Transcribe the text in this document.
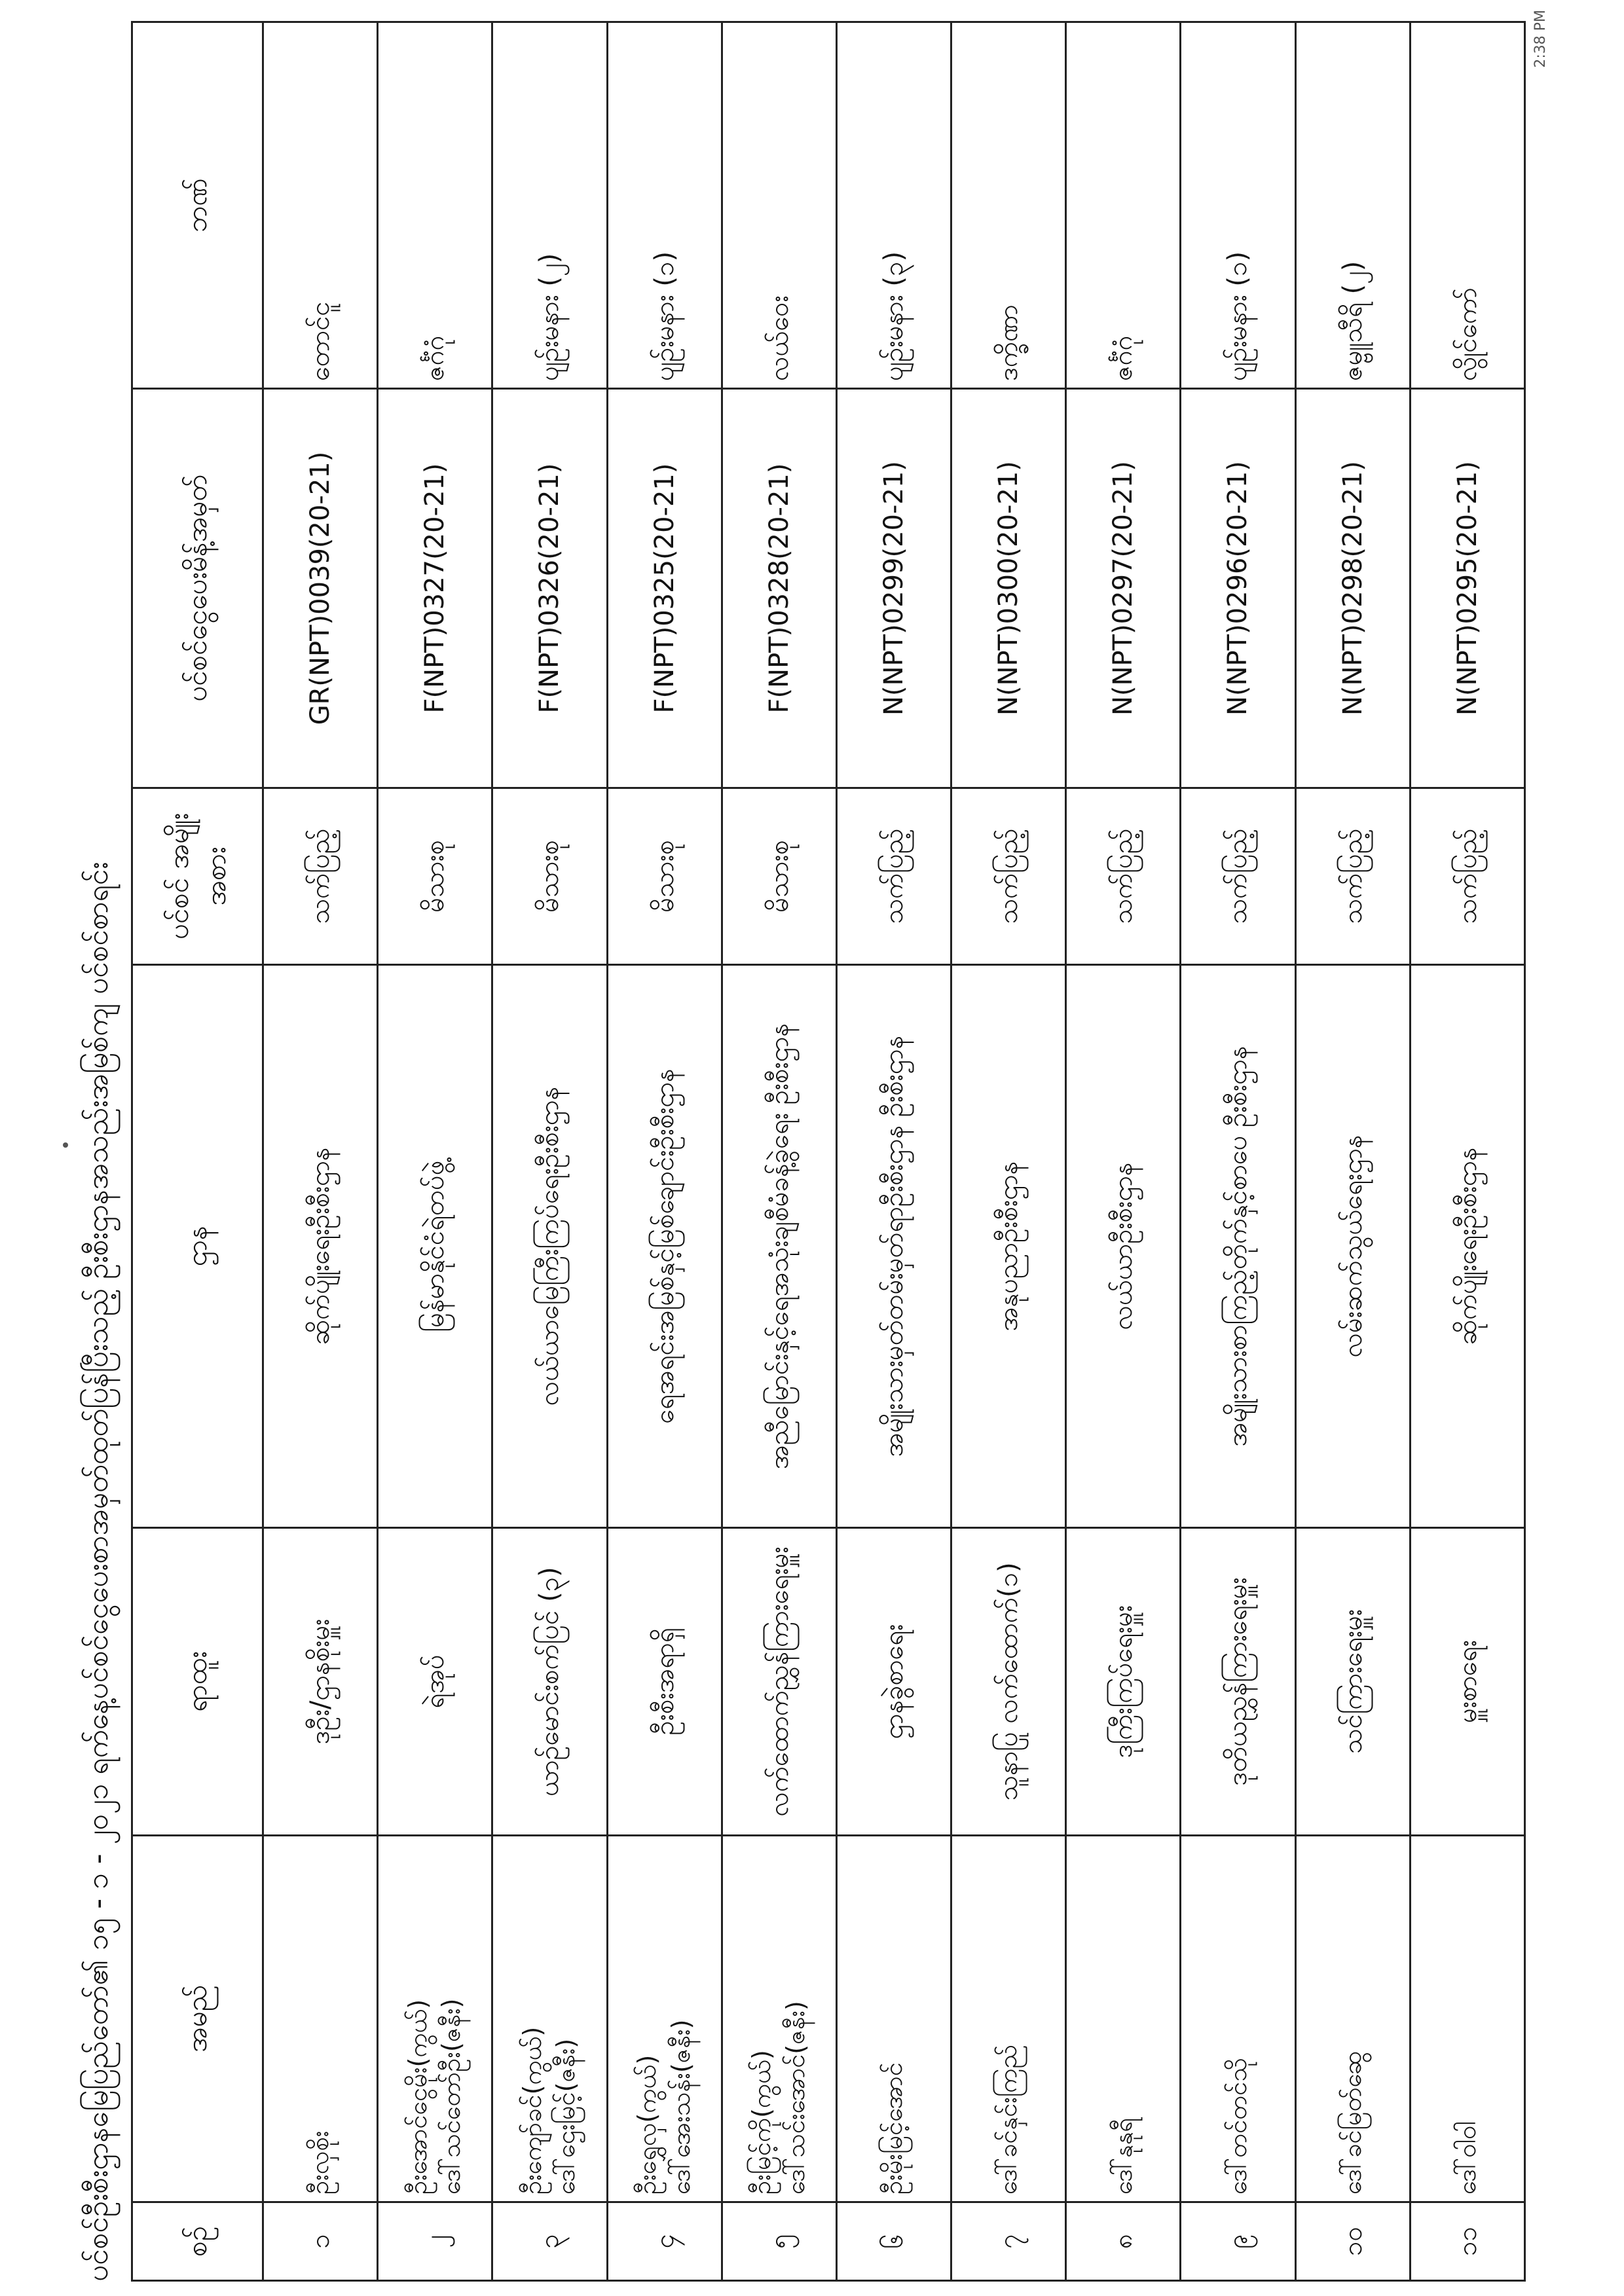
ပင်စင်ဦးစီးဌာနမြေပြည်တော်၏ ၁၅ - ၁ - ၂၀၂၁ ရက်နေ့ပင်စင်ငွေပေးစာအမှတ်ထုတ်ပြန်ပြီးသည့် ဦးစီးဌာနအသည်းအမြစ်ကျ ပင်စင်စာရင်း	စဉ်	အမည်	ရာထူး	ဌာန	ပင်စင် အမျိုးအစား	ပင်စင်ငွေပေးမိန့်အမှတ်	ဘဏ်
၁	ဦးလှစိုး	ဒုဦး/ဌာနစိုးမှူး	ဆိုက်ပျိုးရေးဦးစီးဌာန	သက်ပြည့်	GR(NPT)0039(20-21)	တောင်ငူ
၂	ဦးအောင်ငွေမိုး(ကွယ်) ဒေါ်သင်တော်ဦး(ဇနီး)	ရဲအုပ်	မြန်မာနိုင်ငံရဲတပ်ဖွဲ့	မိသားစု	F(NPT)0327(20-21)	ဇင်္ဂံဂုံ
၃	ဦးကျော်ခင်(ကွယ်) ဒေါ်ဌေးမြင့်(ဇနီး)	ယာဉ်မောင်းစက်ပြင် (၃)	လယ်ယာမြေကြီးကြပ်ရေးဦးစီးဌာန	မိသားစု	F(NPT)0326(20-21)	ပျဉ်းမနား (၂)
၄	ဦးရွှေလှ(ကွယ်) ဒေါ်အေးသန်း(ဇနီး)	ဦးစီးအရာရှိ	ရေအရင်းအမြစ်နှင့်မြစ်ချောင်းဦးစီးဌာန	မိသားစု	F(NPT)0325(20-21)	ပျဉ်းမနား (၁)
၅	ဦးမြင့်ကို(ကွယ်) ဒေါ်သင်းအောင်(ဇနီး)	လက်ထောက်ညွှန်ကြားရေးမှူး	အညီမြောင်းနှင့်ရေအသုံးချစီမံခန့်ခွဲရေး ဦးစီးဌာန	မိသားစု	F(NPT)0328(20-21)	လယ်ဝေး
၆	ဦးမိုးမြင့်အောင်	ဌာနခွဲစာရေး	အမျိုးသားမှတ်တမ်းမှတ်ရာဦးစီးဌာန ဦးစီးဌာန	သက်ပြည့်	N(NPT)0299(20-21)	ပျဉ်းမနား (၃)
၇	ဒေါ်ခင်နှင်းကြည်	သူနာပြု လက်ထောက်(၁)	အနုပညာဦးစီးဌာန	သက်ပြည့်	N(NPT)0300(20-21)	ဒက္ခိဏာ
၈	ဒေါ်နုနုရီ	ဒုကြီးကြပ်ရေးမှူး	လယ်ယာဦးစီးဌာန	သက်ပြည့်	N(NPT)0297(20-21)	ဇင်္ဂံဂုံ
၉	ဒေါ်တင်တင်သို	ဒုတိယညွှန်ကြားရေးမှူး	အမျိုးသားစာကြည့်တိုက်နှင့်စာပေ ဦးစီးဌာန	သက်ပြည့်	N(NPT)0296(20-21)	ပျဉ်းမနား (၁)
၁၀	ဒေါ်ခင်မြတ်ဆွေ	သင်ကြားရေးမှူး	လမ်းဆက်သွယ်ရေးဌာန	သက်ပြည့်	N(NPT)0298(20-21)	ဇမ္ဗူသီရိ (၂)
၁၁	ဒေါ်ဝါဝါ	မှူးစာရေး	ဆိုက်ပျိုးရေးဦးစီးဌာန	သက်ပြည့်	N(NPT)0295(20-21)	လွိုင်ကော်
2:38 PM
